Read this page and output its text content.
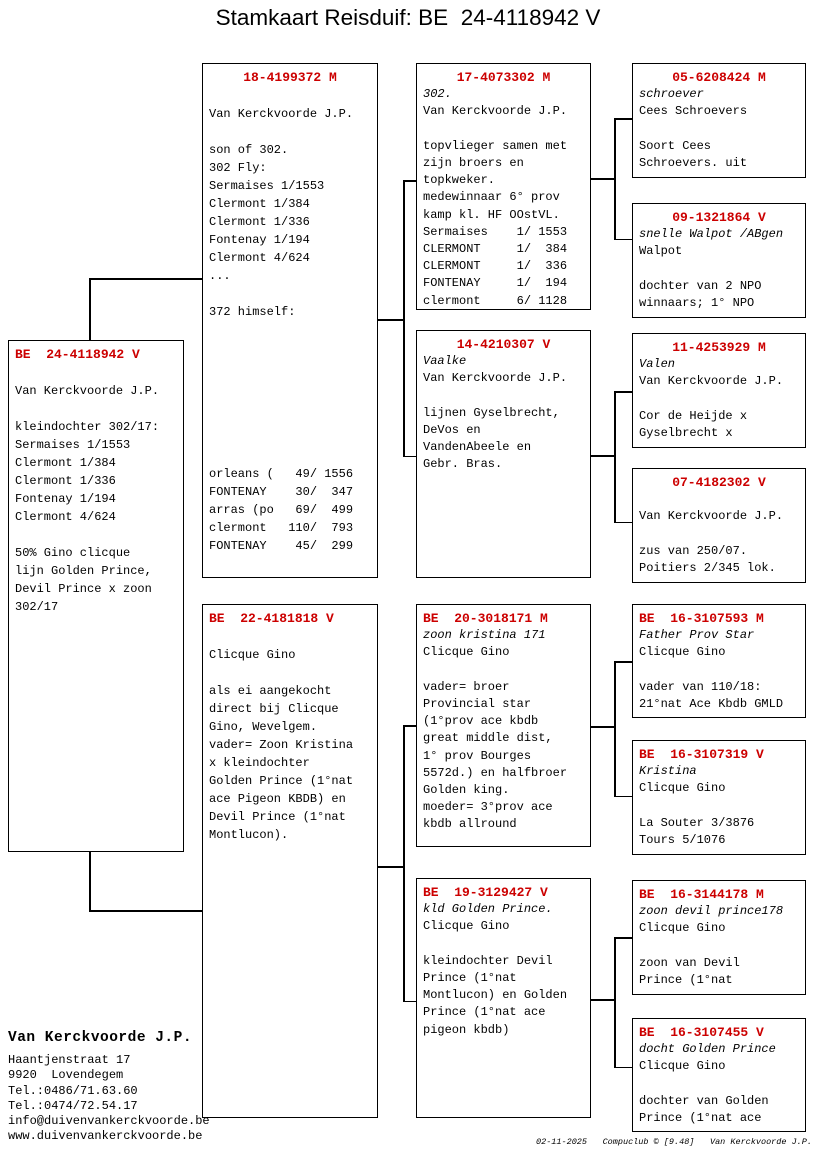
Stamkaart Reisduif: BE  24-4118942 V
BE  24-4118942 V
Van Kerckvoorde J.P.

kleindochter 302/17:
Sermaises 1/1553
Clermont 1/384
Clermont 1/336
Fontenay 1/194
Clermont 4/624

50% Gino clicque
lijn Golden Prince,
Devil Prince x zoon
302/17
18-4199372 M
Van Kerckvoorde J.P.

son of 302.
302 Fly:
Sermaises 1/1553
Clermont 1/384
Clermont 1/336
Fontenay 1/194
Clermont 4/624
...

372 himself:

orleans (   49/ 1556
FONTENAY    30/  347
arras (po   69/  499
clermont   110/  793
FONTENAY    45/  299
BE  22-4181818 V
Clicque Gino

als ei aangekocht
direct bij Clicque
Gino, Wevelgem.
vader= Zoon Kristina
x kleindochter
Golden Prince (1°nat
ace Pigeon KBDB) en
Devil Prince (1°nat
Montlucon).
17-4073302 M
302.
Van Kerckvoorde J.P.

topvlieger samen met
zijn broers en
topkweker.
medewinnaar 6° prov
kamp kl. HF OOstVL.
Sermaises    1/ 1553
CLERMONT     1/  384
CLERMONT     1/  336
FONTENAY     1/  194
clermont     6/ 1128
14-4210307 V
Vaalke
Van Kerckvoorde J.P.

lijnen Gyselbrecht,
DeVos en
VandenAbeele en
Gebr. Bras.
BE  20-3018171 M
zoon kristina 171
Clicque Gino

vader= broer
Provincial star
(1°prov ace kbdb
great middle dist,
1° prov Bourges
5572d.) en halfbroer
Golden king.
moeder= 3°prov ace
kbdb allround
BE  19-3129427 V
kld Golden Prince.
Clicque Gino

kleindochter Devil
Prince (1°nat
Montlucon) en Golden
Prince (1°nat ace
pigeon kbdb)
05-6208424 M
schroever
Cees Schroevers

Soort Cees
Schroevers. uit
09-1321864 V
snelle Walpot /ABgen
Walpot

dochter van 2 NPO
winnaars; 1° NPO
11-4253929 M
Valen
Van Kerckvoorde J.P.

Cor de Heijde x
Gyselbrecht x
07-4182302 V
Van Kerckvoorde J.P.

zus van 250/07.
Poitiers 2/345 lok.
BE  16-3107593 M
Father Prov Star
Clicque Gino

vader van 110/18:
21°nat Ace Kbdb GMLD
BE  16-3107319 V
Kristina
Clicque Gino

La Souter 3/3876
Tours 5/1076
BE  16-3144178 M
zoon devil prince178
Clicque Gino

zoon van Devil
Prince (1°nat
BE  16-3107455 V
docht Golden Prince
Clicque Gino

dochter van Golden
Prince (1°nat ace
Van Kerckvoorde J.P.
Haantjenstraat 17
9920  Lovendegem
Tel.:0486/71.63.60
Tel.:0474/72.54.17
info@duivenvankerckvoorde.be
www.duivenvankerckvoorde.be	02-11-2025 Compuclub © [9.48] Van Kerckvoorde J.P.
